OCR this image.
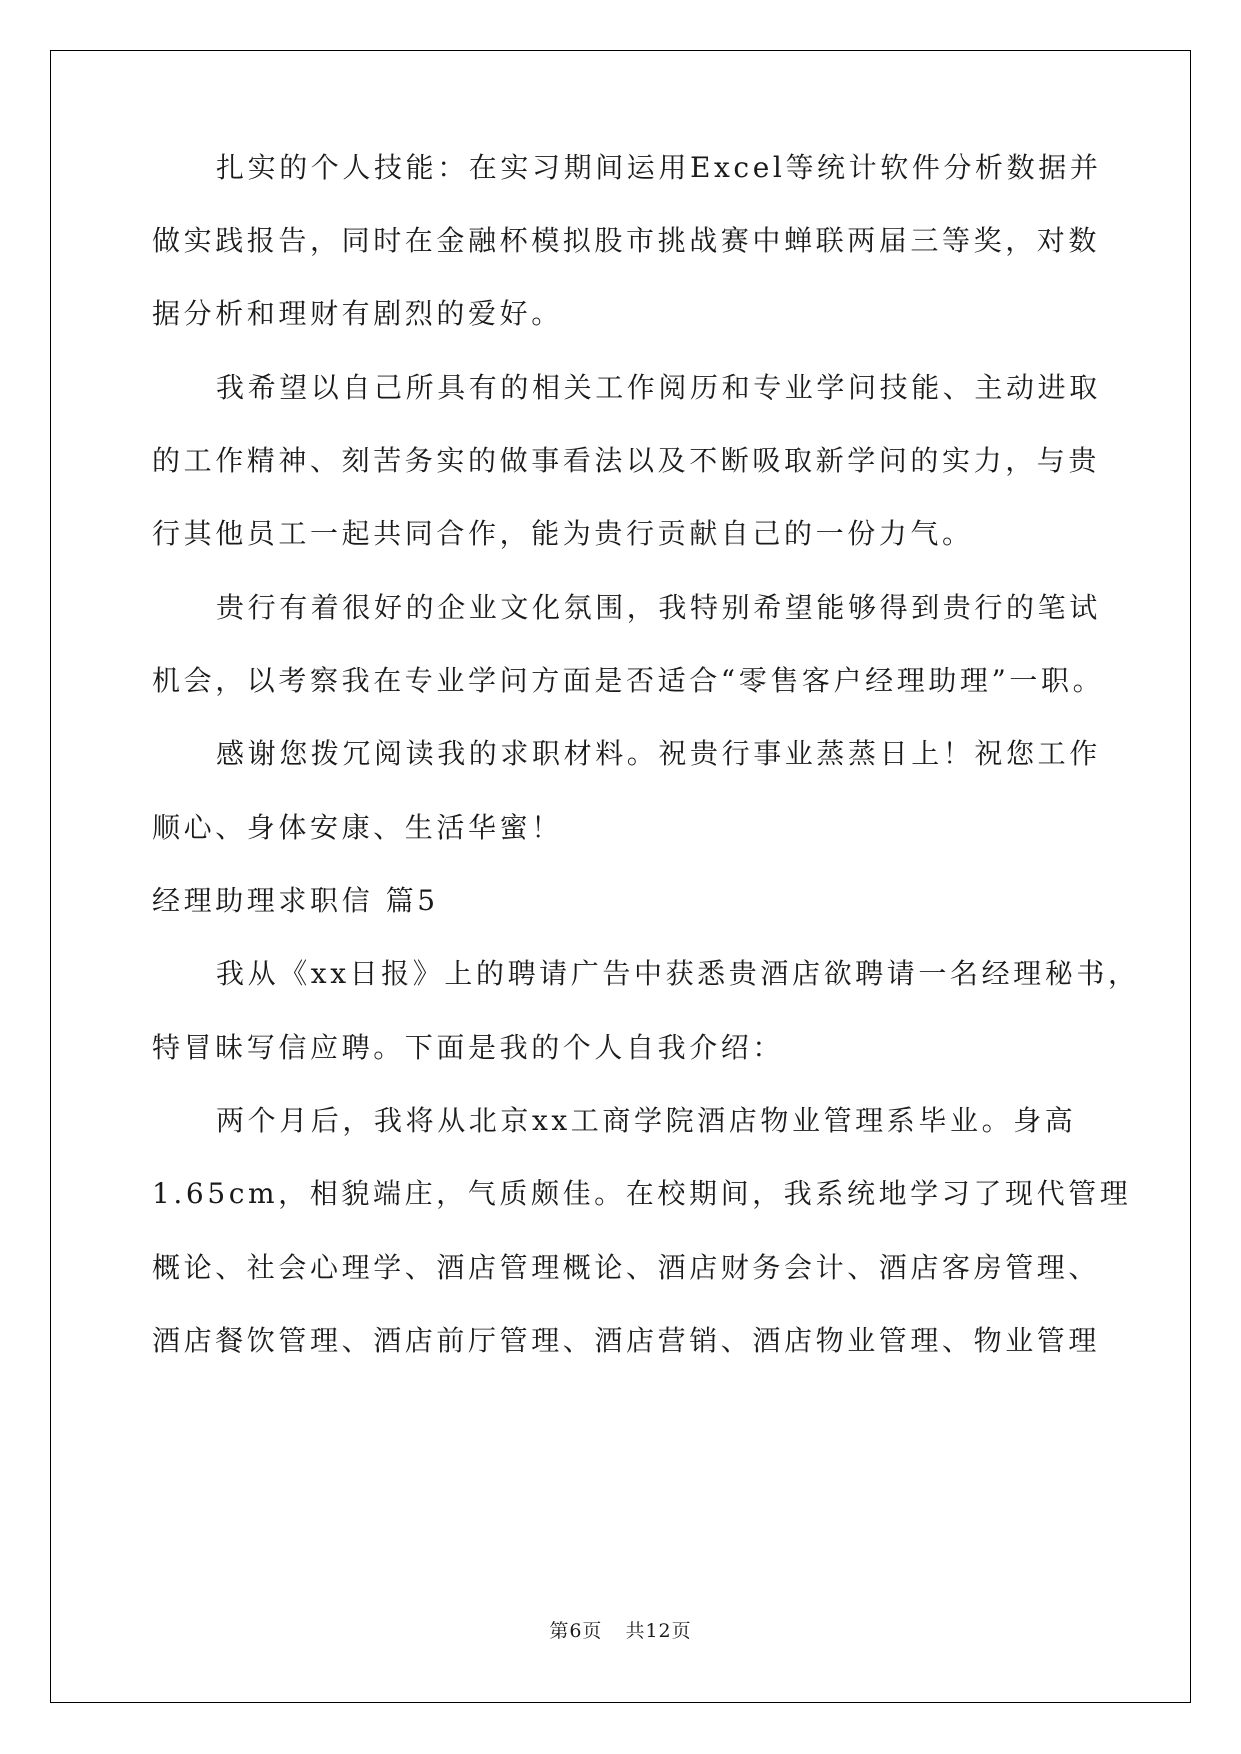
扎实的个人技能：在实习期间运用Excel等统计软件分析数据并
做实践报告，同时在金融杯模拟股市挑战赛中蝉联两届三等奖，对数
据分析和理财有剧烈的爱好。
我希望以自己所具有的相关工作阅历和专业学问技能、主动进取
的工作精神、刻苦务实的做事看法以及不断吸取新学问的实力，与贵
行其他员工一起共同合作，能为贵行贡献自己的一份力气。
贵行有着很好的企业文化氛围，我特别希望能够得到贵行的笔试
机会，以考察我在专业学问方面是否适合“零售客户经理助理”一职。
感谢您拨冗阅读我的求职材料。祝贵行事业蒸蒸日上！祝您工作
顺心、身体安康、生活华蜜！
经理助理求职信 篇5
我从《xx日报》上的聘请广告中获悉贵酒店欲聘请一名经理秘书，
特冒昧写信应聘。下面是我的个人自我介绍：
两个月后，我将从北京xx工商学院酒店物业管理系毕业。身高
1.65cm，相貌端庄，气质颇佳。在校期间，我系统地学习了现代管理
概论、社会心理学、酒店管理概论、酒店财务会计、酒店客房管理、
酒店餐饮管理、酒店前厅管理、酒店营销、酒店物业管理、物业管理
第6页 共12页
